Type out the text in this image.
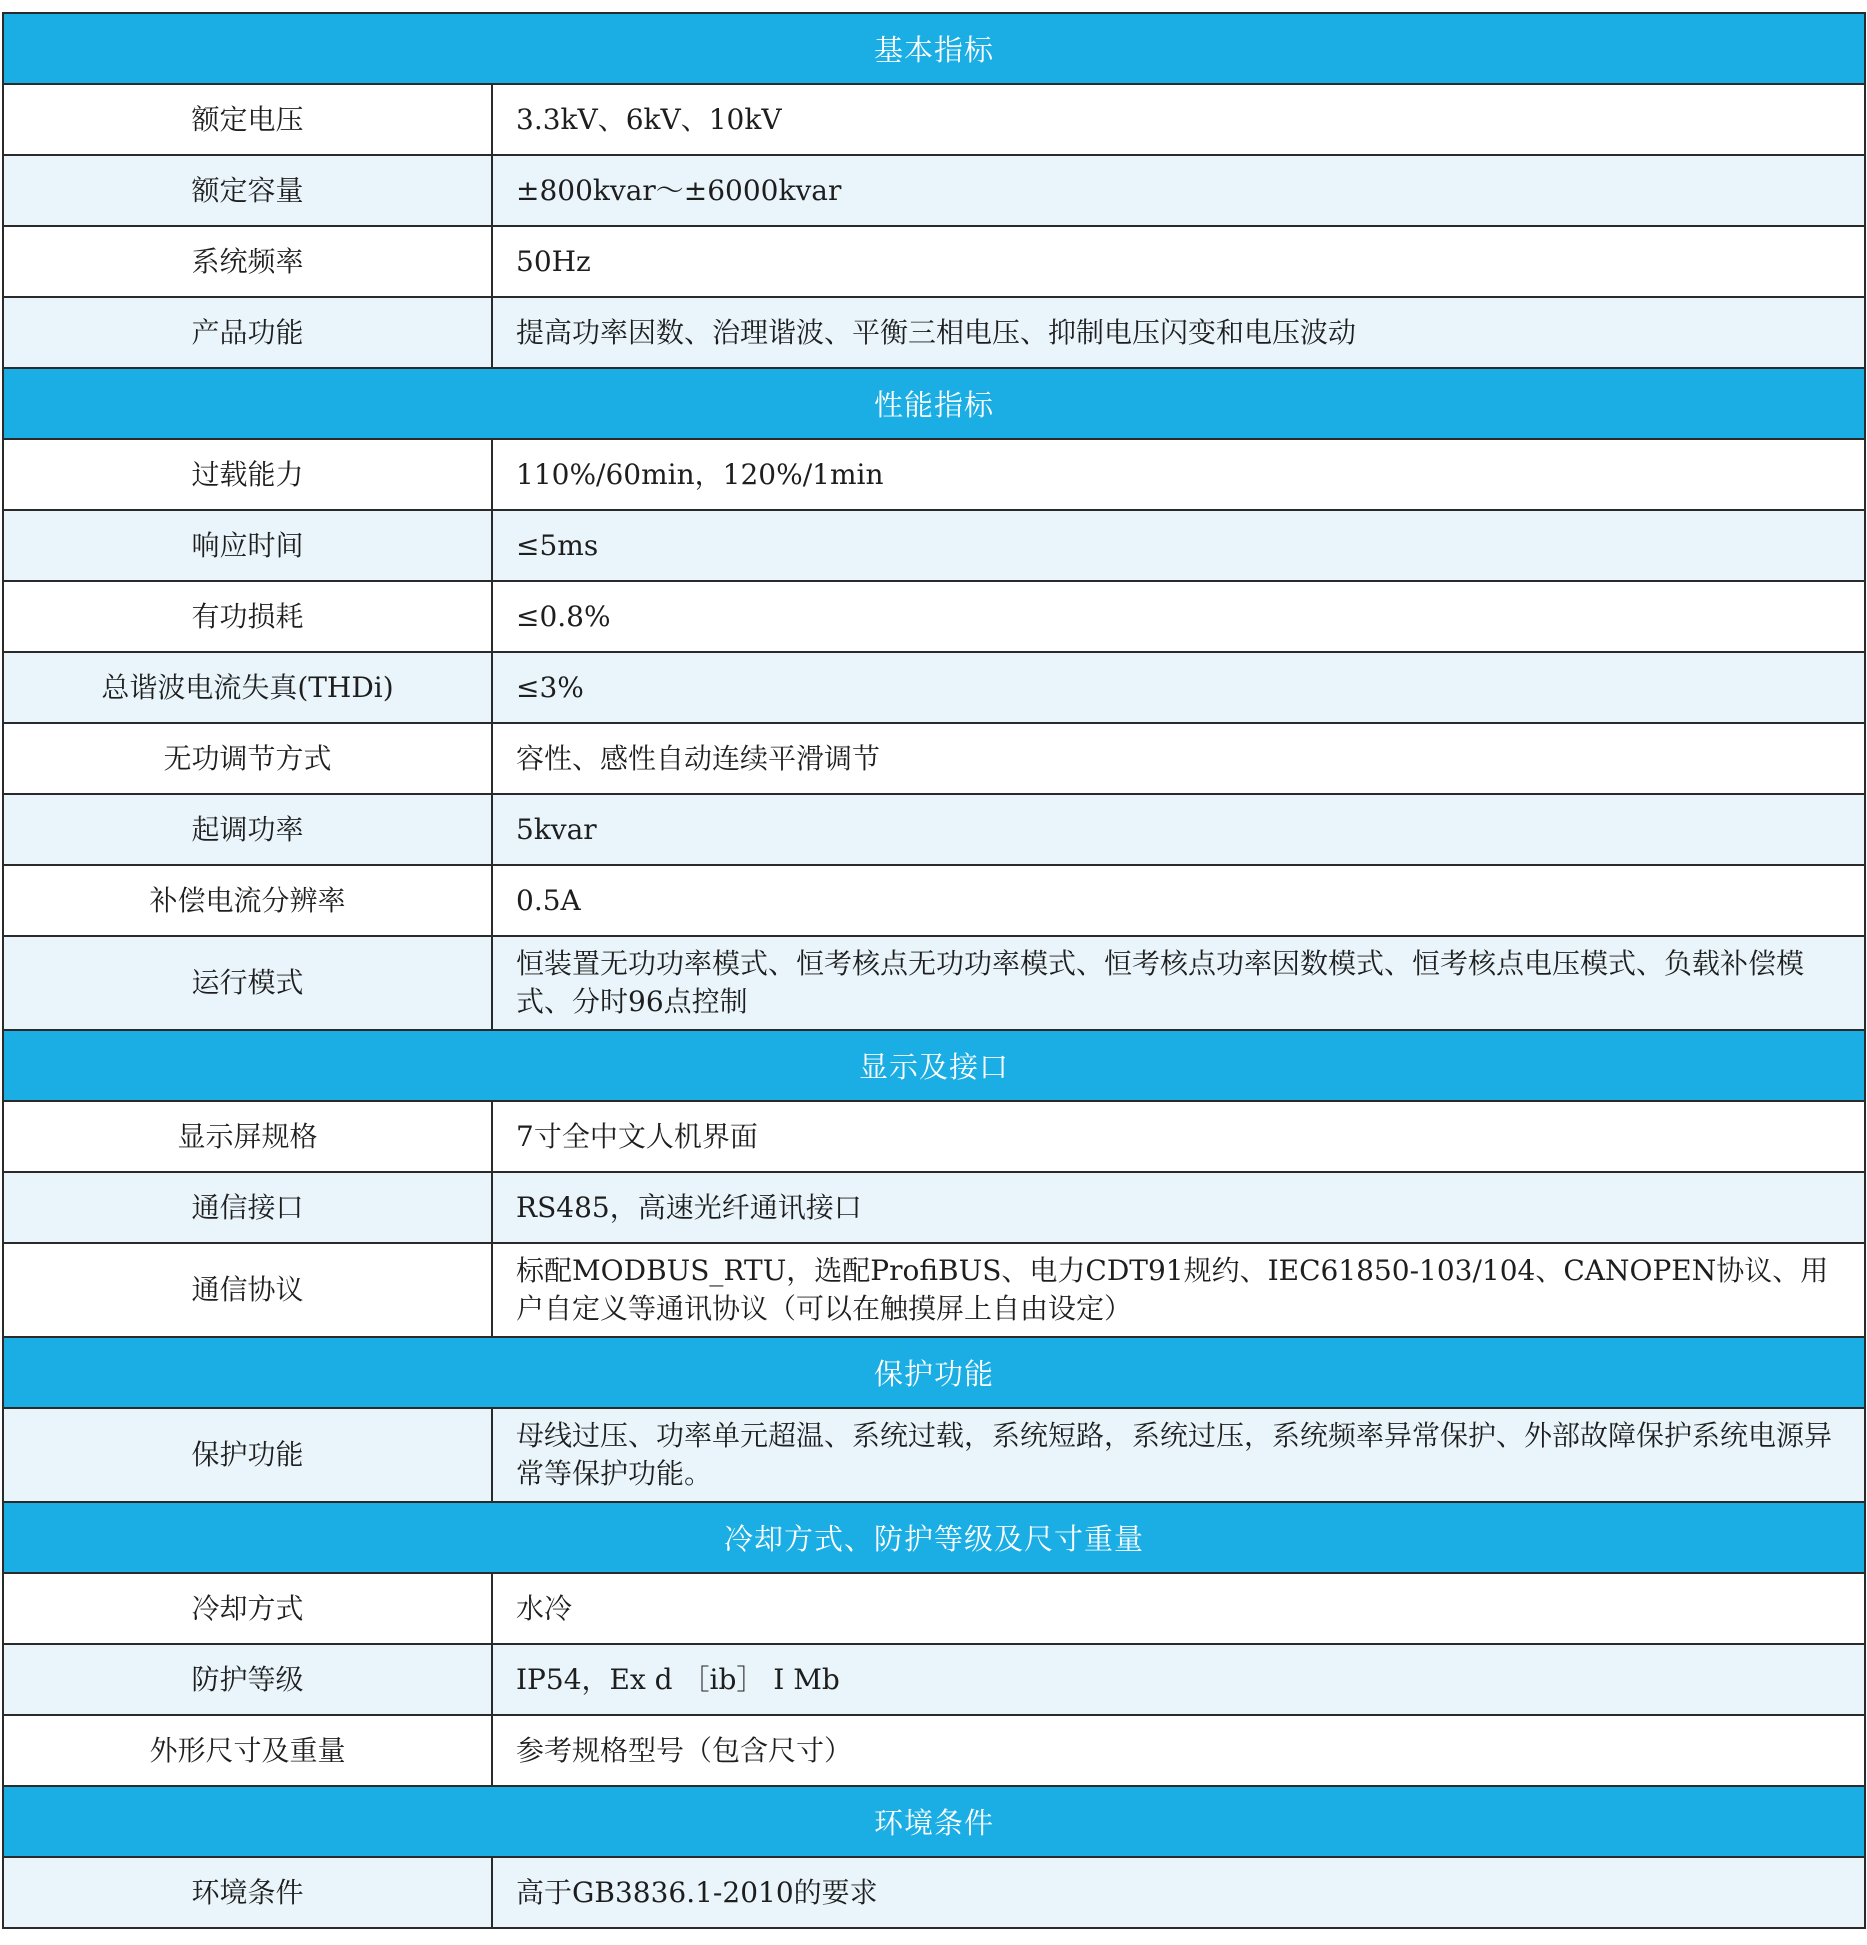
基本指标	
额定电压	3.3kV、6kV、10kV
额定容量	±800kvar～±6000kvar
系统频率	50Hz
产品功能	提高功率因数、治理谐波、平衡三相电压、抑制电压闪变和电压波动
性能指标	
过载能力	110%/60min，120%/1min
响应时间	≤5ms
有功损耗	≤0.8%
总谐波电流失真(THDi)	≤3%
无功调节方式	容性、感性自动连续平滑调节
起调功率	5kvar
补偿电流分辨率	0.5A
运行模式	恒装置无功功率模式、恒考核点无功功率模式、恒考核点功率因数模式、恒考核点电压模式、负载补偿模式、分时96点控制
显示及接口	
显示屏规格	7寸全中文人机界面
通信接口	RS485，高速光纤通讯接口
通信协议	标配MODBUS_RTU，选配ProfiBUS、电力CDT91规约、IEC61850-103/104、CANOPEN协议、用户自定义等通讯协议（可以在触摸屏上自由设定）
保护功能	
保护功能	母线过压、功率单元超温、系统过载，系统短路，系统过压，系统频率异常保护、外部故障保护系统电源异常等保护功能。
冷却方式、防护等级及尺寸重量	
冷却方式	水冷
防护等级	IP54，Ex d ［ib］ I Mb
外形尺寸及重量	参考规格型号（包含尺寸）
环境条件	
环境条件	高于GB3836.1-2010的要求
